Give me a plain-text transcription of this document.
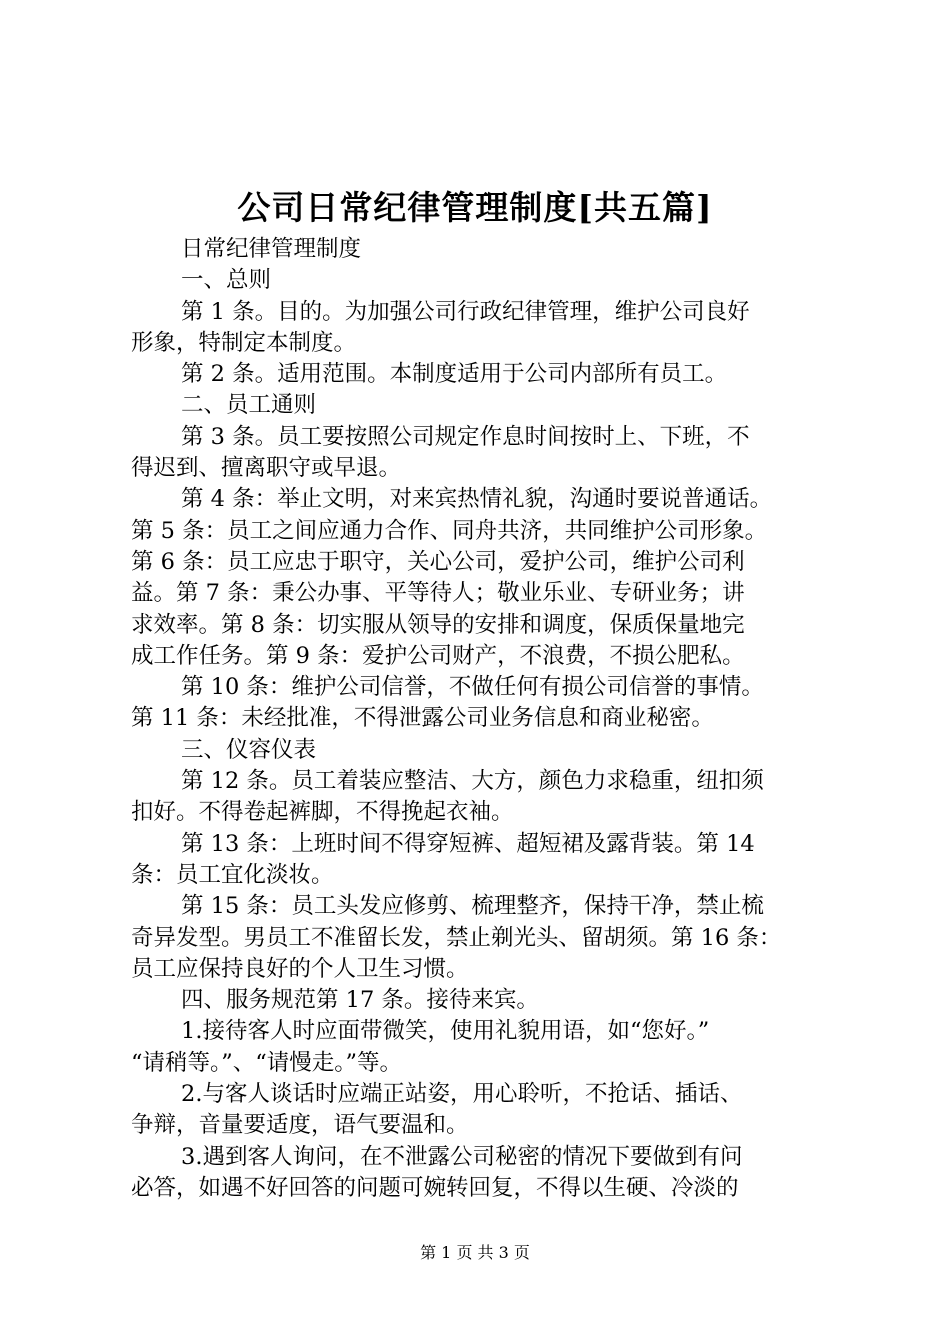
公司日常纪律管理制度[共五篇]
日常纪律管理制度
一、总则
第 1 条。目的。为加强公司行政纪律管理，维护公司良好
形象，特制定本制度。
第 2 条。适用范围。本制度适用于公司内部所有员工。
二、员工通则
第 3 条。员工要按照公司规定作息时间按时上、下班，不
得迟到、擅离职守或早退。
第 4 条：举止文明，对来宾热情礼貌，沟通时要说普通话。
第 5 条：员工之间应通力合作、同舟共济，共同维护公司形象。
第 6 条：员工应忠于职守，关心公司，爱护公司，维护公司利
益。第 7 条：秉公办事、平等待人；敬业乐业、专研业务；讲
求效率。第 8 条：切实服从领导的安排和调度，保质保量地完
成工作任务。第 9 条：爱护公司财产，不浪费，不损公肥私。
第 10 条：维护公司信誉，不做任何有损公司信誉的事情。
第 11 条：未经批准，不得泄露公司业务信息和商业秘密。
三、仪容仪表
第 12 条。员工着装应整洁、大方，颜色力求稳重，纽扣须
扣好。不得卷起裤脚，不得挽起衣袖。
第 13 条：上班时间不得穿短裤、超短裙及露背装。第 14
条：员工宜化淡妆。
第 15 条：员工头发应修剪、梳理整齐，保持干净，禁止梳
奇异发型。男员工不准留长发，禁止剃光头、留胡须。第 16 条：
员工应保持良好的个人卫生习惯。
四、服务规范第 17 条。接待来宾。
1.接待客人时应面带微笑，使用礼貌用语，如“您好。”
“请稍等。”、“请慢走。”等。
2.与客人谈话时应端正站姿，用心聆听，不抢话、插话、
争辩，音量要适度，语气要温和。
3.遇到客人询问，在不泄露公司秘密的情况下要做到有问
必答，如遇不好回答的问题可婉转回复，不得以生硬、冷淡的
第 1 页 共 3 页
